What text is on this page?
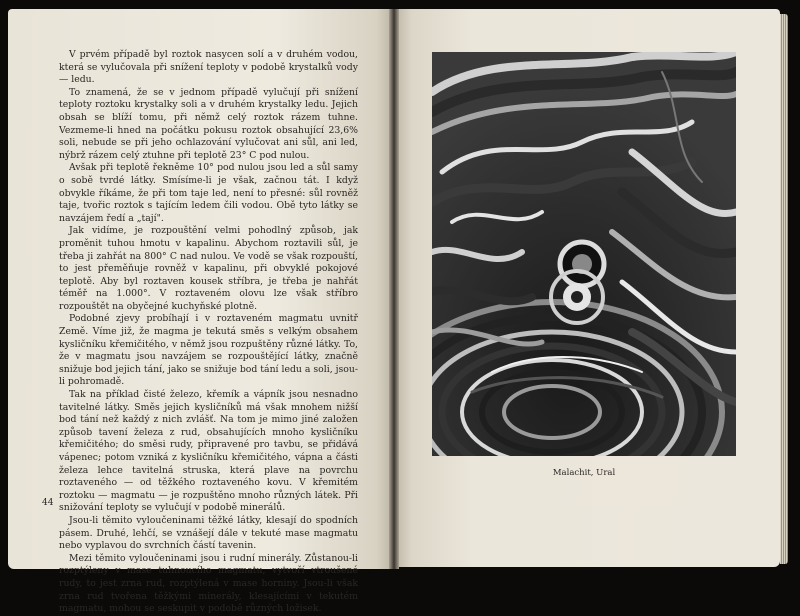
V prvém případě byl roztok nasycen solí a v druhém vodou, která se vylučovala při snížení teploty v podobě krystalků vody — ledu.

To znamená, že se v jednom případě vylučují při snížení teploty roztoku krystalky soli a v druhém krystalky ledu. Jejich obsah se blíží tomu, při němž celý roztok rázem tuhne. Vezmeme-li hned na počátku pokusu roztok obsahující 23,6% soli, nebude se při jeho ochlazování vylučovat ani sůl, ani led, nýbrž rázem celý ztuhne při teplotě 23° C pod nulou.

Avšak při teplotě řekněme 10° pod nulou jsou led a sůl samy o sobě tvrdé látky. Smísíme-li je však, začnou tát. I když obvykle říkáme, že při tom taje led, není to přesné: sůl rovněž taje, tvořic roztok s tajícím ledem čili vodou. Obě tyto látky se navzájem ředí a „tají".

Jak vidíme, je rozpouštění velmi pohodlný způsob, jak proměnit tuhou hmotu v kapalinu. Abychom roztavili sůl, je třeba ji zahřát na 800° C nad nulou. Ve vodě se však rozpouští, to jest přeměňuje rovněž v kapalinu, při obvyklé pokojové teplotě. Aby byl roztaven kousek stříbra, je třeba je nahřát téměř na 1.000°. V roztaveném olovu lze však stříbro rozpouštět na obyčejné kuchyňské plotně.

Podobné zjevy probíhají i v roztaveném magmatu uvnitř Země. Víme již, že magma je tekutá směs s velkým obsahem kysličníku křemičitého, v němž jsou rozpuštěny různé látky. To, že v magmatu jsou navzájem se rozpouštějící látky, značně snižuje bod jejich tání, jako se snižuje bod tání ledu a soli, jsou-li pohromadě.

Tak na příklad čisté železo, křemík a vápník jsou nesnadno tavitelné látky. Směs jejich kysličníků má však mnohem nižší bod tání než každý z nich zvlášť. Na tom je mimo jiné založen způsob tavení železa z rud, obsahujících mnoho kysličníku křemičitého; do směsi rudy, připravené pro tavbu, se přidává vápenec; potom vzniká z kysličníku křemičitého, vápna a části železa lehce tavitelná struska, která plave na povrchu roztaveného — od těžkého roztaveného kovu. V křemitém roztoku — magmatu — je rozpuštěno mnoho různých látek. Při snižování teploty se vylučují v podobě minerálů.

Jsou-li těmito vyloučeninami těžké látky, klesají do spodních pásem. Druhé, lehčí, se vznášejí dále v tekuté mase magmatu nebo vyplavou do svrchních částí tavenin.

Mezi těmito vyloučeninami jsou i rudní minerály. Zůstanou-li rozptýleny v mase tuhnoucího magmatu, vytvoří vtroušené rudy, to jest zrna rud, rozptýlená v mase horniny. Jsou-li však zrna rud tvořena těžkými minerály, klesajícími v tekutém magmatu, mohou se seskupit v podobě různých ložisek.

44
Malachit, Ural
